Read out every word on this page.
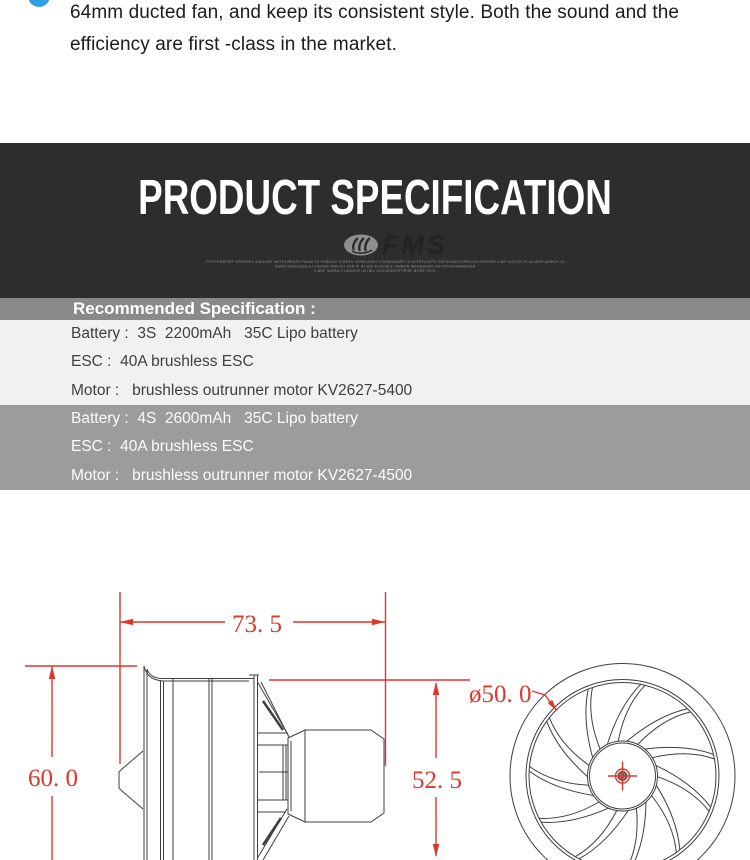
64mm ducted fan, and keep its consistent style. Both the sound and the
efficiency are first -class in the market.
PRODUCT SPECIFICATION
FMS
FPOYPWRTIBF USEDREV AISOLNIF IMITFAJRNOK FWHALTO FUBIAJO TLRNTH IXPWLISHLV FJMABLEMER OLSCTBFLIOPFLSOPSCIBOCOPOLIGN FAROBIF ILBIP IALTOIV FLAILOKIP AIRBUF JD
KWER EBSIAJQSLKJ FAIAOKI ANFIUH GKB IP IM IBSI FLASIBLE IAMBON IBESIEMHIN FAIVOFOSHARIBOSIB
ILBHP IASIBIL FLASOKIP IAITBIV OISCSIBOPSTIPIDF BITBP ISCH
Recommended Specification :
Battery :  3S  2200mAh   35C Lipo battery
ESC :  40A brushless ESC
Motor :   brushless outrunner motor KV2627-5400
Battery :  4S  2600mAh   35C Lipo battery
ESC :  40A brushless ESC
Motor :   brushless outrunner motor KV2627-4500
73. 5
60. 0	52. 5
ø50. 0
